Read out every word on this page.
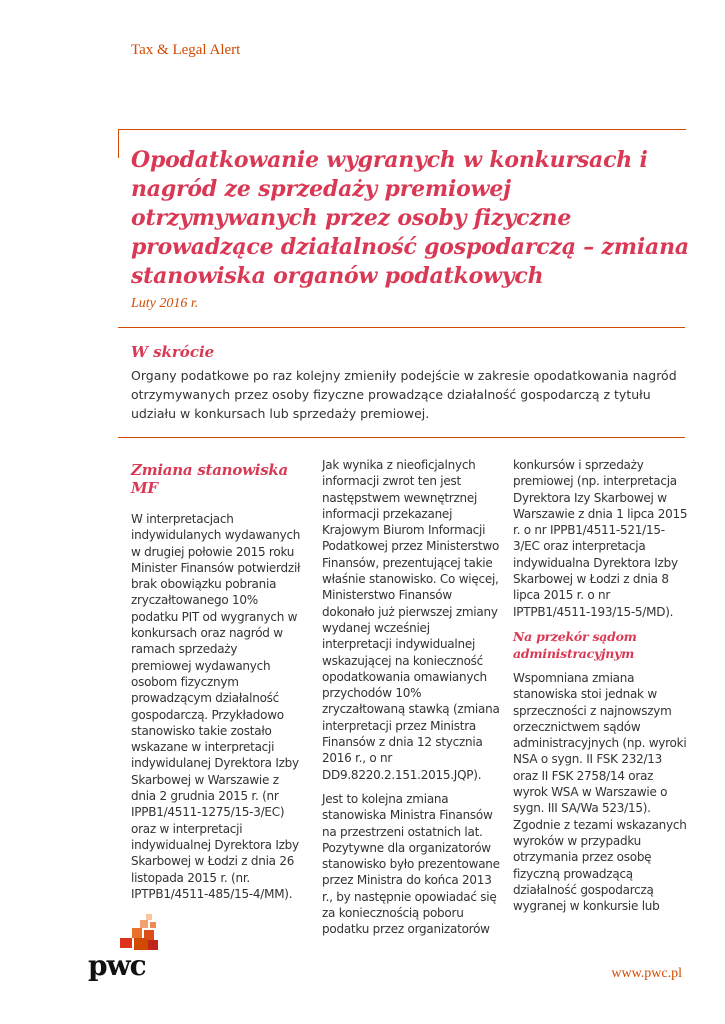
Tax & Legal Alert
Opodatkowanie wygranych w konkursach i nagród ze sprzedaży premiowej otrzymywanych przez osoby fizyczne prowadzące działalność gospodarczą – zmiana stanowiska organów podatkowych
Luty 2016 r.
W skrócie
Organy podatkowe po raz kolejny zmieniły podejście w zakresie opodatkowania nagród otrzymywanych przez osoby fizyczne prowadzące działalność gospodarczą z tytułu udziału w konkursach lub sprzedaży premiowej.
Zmiana stanowiska MF

W interpretacjach indywidulanych wydawanych w drugiej połowie 2015 roku Minister Finansów potwierdził brak obowiązku pobrania zryczałtowanego 10% podatku PIT od wygranych w konkursach oraz nagród w ramach sprzedaży premiowej wydawanych osobom fizycznym prowadzącym działalność gospodarczą. Przykładowo stanowisko takie zostało wskazane w interpretacji indywidulanej Dyrektora Izby Skarbowej w Warszawie z dnia 2 grudnia 2015 r. (nr IPPB1/4511-1275/15-3/EC) oraz w interpretacji indywidualnej Dyrektora Izby Skarbowej w Łodzi z dnia 26 listopada 2015 r. (nr. IPTPB1/4511-485/15-4/MM).

Jak wynika z nieoficjalnych informacji zwrot ten jest następstwem wewnętrznej informacji przekazanej Krajowym Biurom Informacji Podatkowej przez Ministerstwo Finansów, prezentującej takie właśnie stanowisko. Co więcej, Ministerstwo Finansów dokonało już pierwszej zmiany wydanej wcześniej interpretacji indywidualnej wskazującej na konieczność opodatkowania omawianych przychodów 10% zryczałtowaną stawką (zmiana interpretacji przez Ministra Finansów z dnia 12 stycznia 2016 r., o nr DD9.8220.2.151.2015.JQP).

Jest to kolejna zmiana stanowiska Ministra Finansów na przestrzeni ostatnich lat. Pozytywne dla organizatorów stanowisko było prezentowane przez Ministra do końca 2013 r., by następnie opowiadać się za koniecznością poboru podatku przez organizatorów

konkursów i sprzedaży premiowej (np. interpretacja Dyrektora Izy Skarbowej w Warszawie z dnia 1 lipca 2015 r. o nr IPPB1/4511-521/15-3/EC oraz interpretacja indywidualna Dyrektora Izby Skarbowej w Łodzi z dnia 8 lipca 2015 r. o nr IPTPB1/4511-193/15-5/MD).

Na przekór sądom administracyjnym

Wspomniana zmiana stanowiska stoi jednak w sprzeczności z najnowszym orzecznictwem sądów administracyjnych (np. wyroki NSA o sygn. II FSK 232/13 oraz II FSK 2758/14 oraz wyrok WSA w Warszawie o sygn. III SA/Wa 523/15). Zgodnie z tezami wskazanych wyroków w przypadku otrzymania przez osobę fizyczną prowadzącą działalność gospodarczą wygranej w konkursie lub

pwc	www.pwc.pl
